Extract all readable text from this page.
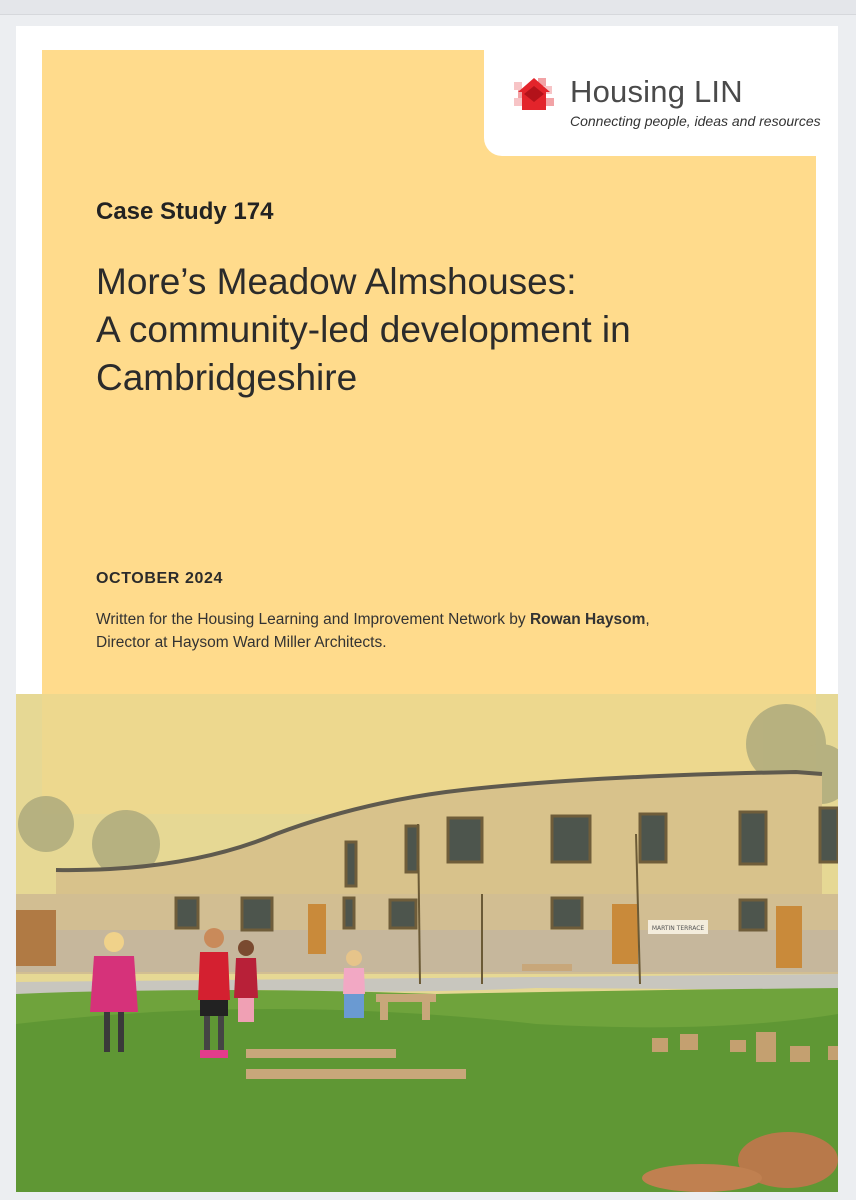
Housing LIN
Connecting people, ideas and resources
Case Study 174
More’s Meadow Almshouses:
A community-led development in
Cambridgeshire
OCTOBER 2024
Written for the Housing Learning and Improvement Network by Rowan Haysom,
Director at Haysom Ward Miller Architects.
MARTIN TERRACE
